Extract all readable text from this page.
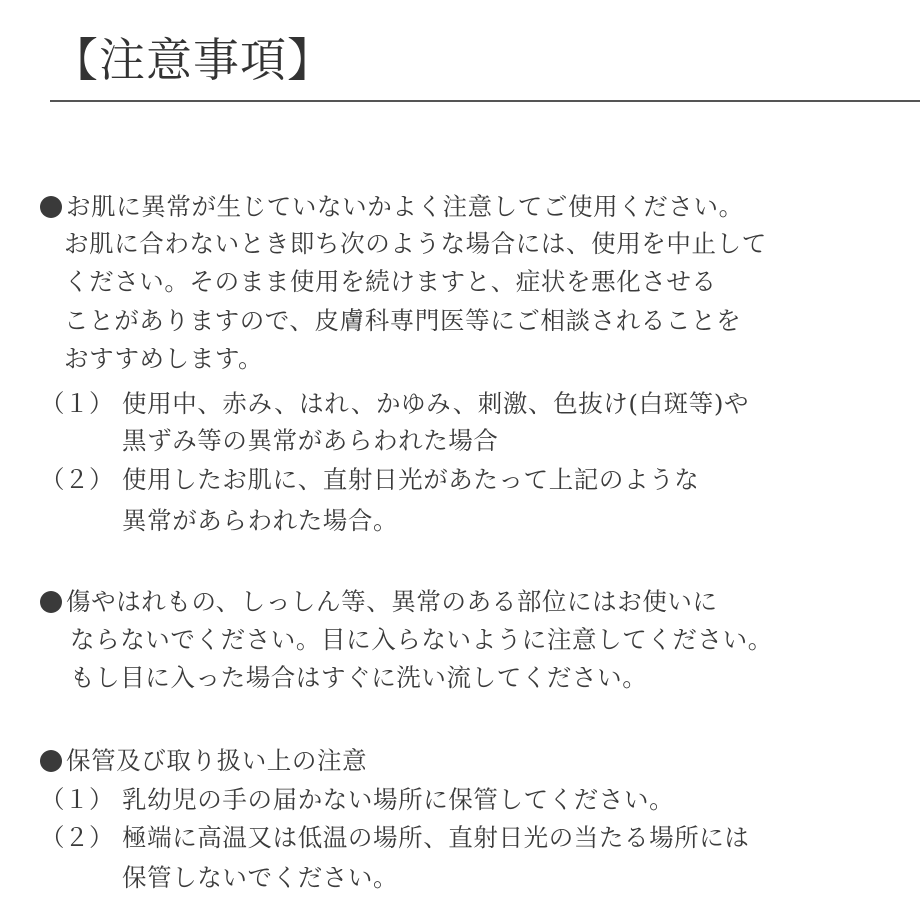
【注意事項】
お肌に異常が生じていないかよく注意してご使用ください。
お肌に合わないとき即ち次のような場合には、使用を中止して
ください。そのまま使用を続けますと、症状を悪化させる
ことがありますので、皮膚科専門医等にご相談されることを
おすすめします。
（１） 使用中、赤み、はれ、かゆみ、刺激、色抜け(白斑等)や
黒ずみ等の異常があらわれた場合
（２） 使用したお肌に、直射日光があたって上記のような
異常があらわれた場合。
傷やはれもの、しっしん等、異常のある部位にはお使いに
ならないでください。目に入らないように注意してください。
もし目に入った場合はすぐに洗い流してください。
保管及び取り扱い上の注意
（１） 乳幼児の手の届かない場所に保管してください。
（２） 極端に高温又は低温の場所、直射日光の当たる場所には
保管しないでください。
